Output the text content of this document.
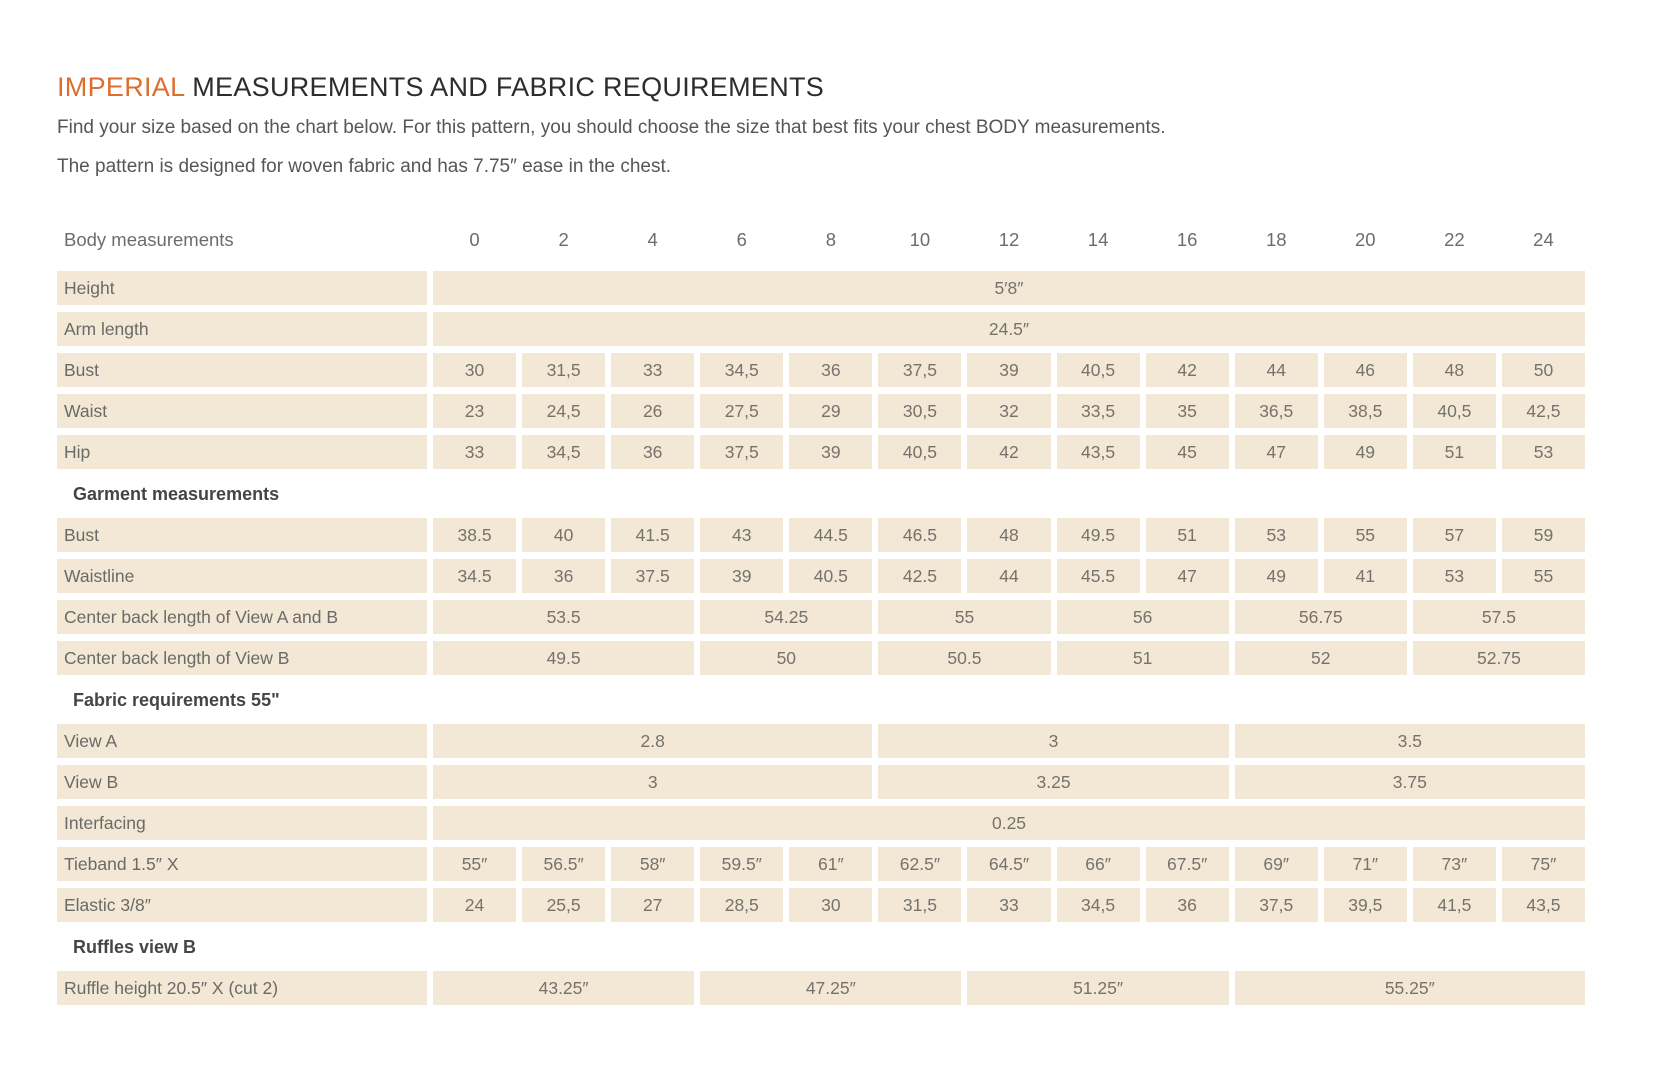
IMPERIAL MEASUREMENTS AND FABRIC REQUIREMENTS

Find your size based on the chart below. For this pattern, you should choose the size that best fits your chest BODY measurements.

The pattern is designed for woven fabric and has 7.75″ ease in the chest.

Body measurements	0	2	4	6	8	10	12	14	16	18	20	22	24
Height	5′8″
Arm length	24.5″
Bust	30	31,5	33	34,5	36	37,5	39	40,5	42	44	46	48	50
Waist	23	24,5	26	27,5	29	30,5	32	33,5	35	36,5	38,5	40,5	42,5
Hip	33	34,5	36	37,5	39	40,5	42	43,5	45	47	49	51	53
Garment measurements
Bust	38.5	40	41.5	43	44.5	46.5	48	49.5	51	53	55	57	59
Waistline	34.5	36	37.5	39	40.5	42.5	44	45.5	47	49	41	53	55
Center back length of View A and B	53.5	54.25	55	56	56.75	57.5
Center back length of View B	49.5	50	50.5	51	52	52.75
Fabric requirements 55"
View A	2.8	3	3.5
View B	3	3.25	3.75
Interfacing	0.25
Tieband 1.5″ X	55″	56.5″	58″	59.5″	61″	62.5″	64.5″	66″	67.5″	69″	71″	73″	75″
Elastic 3/8″	24	25,5	27	28,5	30	31,5	33	34,5	36	37,5	39,5	41,5	43,5
Ruffles view B
Ruffle height 20.5″ X (cut 2)	43.25″	47.25″	51.25″	55.25″
